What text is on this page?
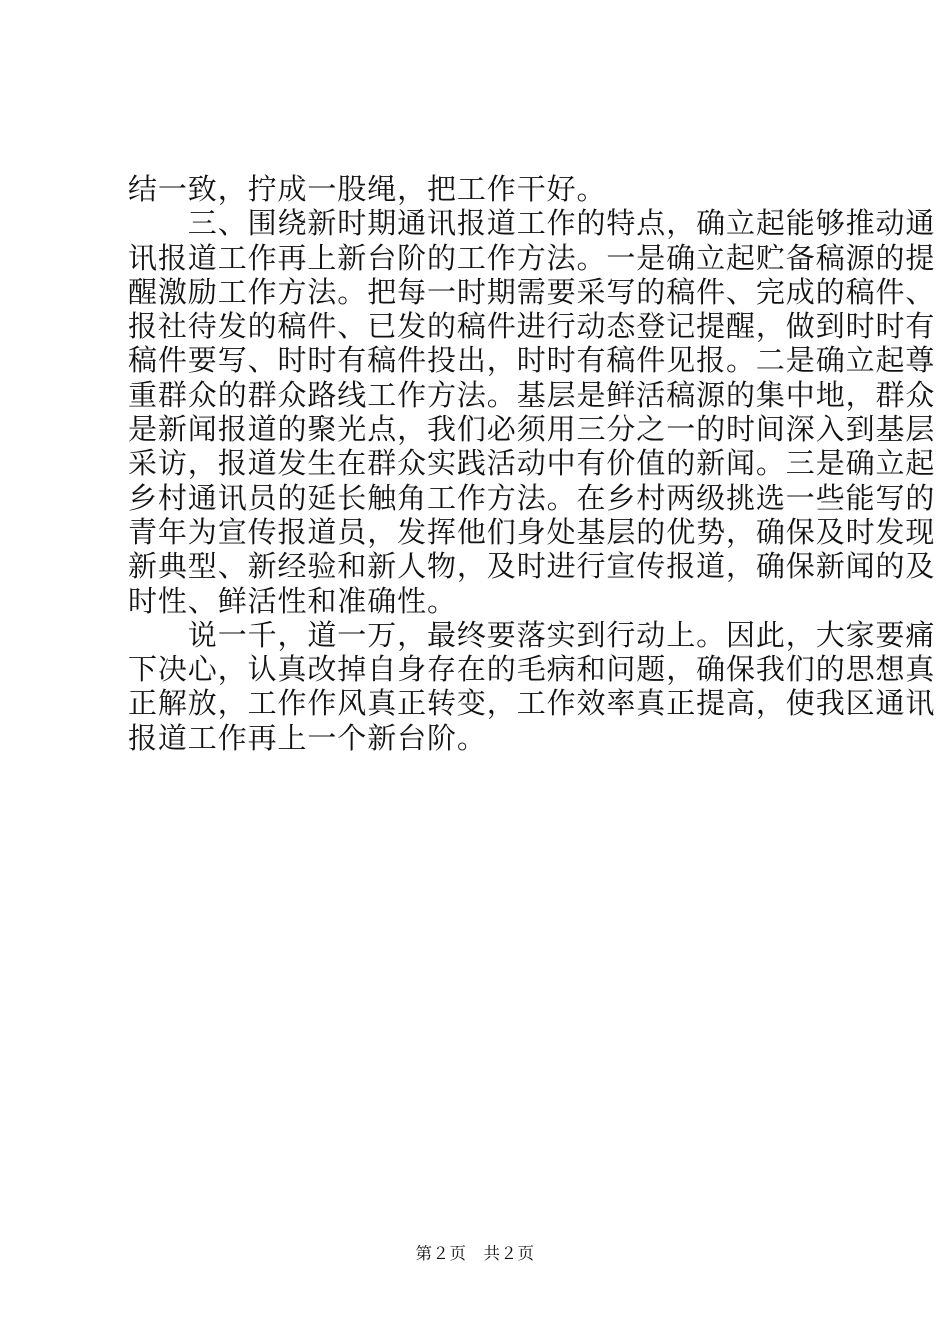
结一致，拧成一股绳，把工作干好。
　　三、围绕新时期通讯报道工作的特点，确立起能够推动通
讯报道工作再上新台阶的工作方法。一是确立起贮备稿源的提
醒激励工作方法。把每一时期需要采写的稿件、完成的稿件、
报社待发的稿件、已发的稿件进行动态登记提醒，做到时时有
稿件要写、时时有稿件投出，时时有稿件见报。二是确立起尊
重群众的群众路线工作方法。基层是鲜活稿源的集中地，群众
是新闻报道的聚光点，我们必须用三分之一的时间深入到基层
采访，报道发生在群众实践活动中有价值的新闻。三是确立起
乡村通讯员的延长触角工作方法。在乡村两级挑选一些能写的
青年为宣传报道员，发挥他们身处基层的优势，确保及时发现
新典型、新经验和新人物，及时进行宣传报道，确保新闻的及
时性、鲜活性和准确性。
　　说一千，道一万，最终要落实到行动上。因此，大家要痛
下决心，认真改掉自身存在的毛病和问题，确保我们的思想真
正解放，工作作风真正转变，工作效率真正提高，使我区通讯
报道工作再上一个新台阶。
第２页　共２页
